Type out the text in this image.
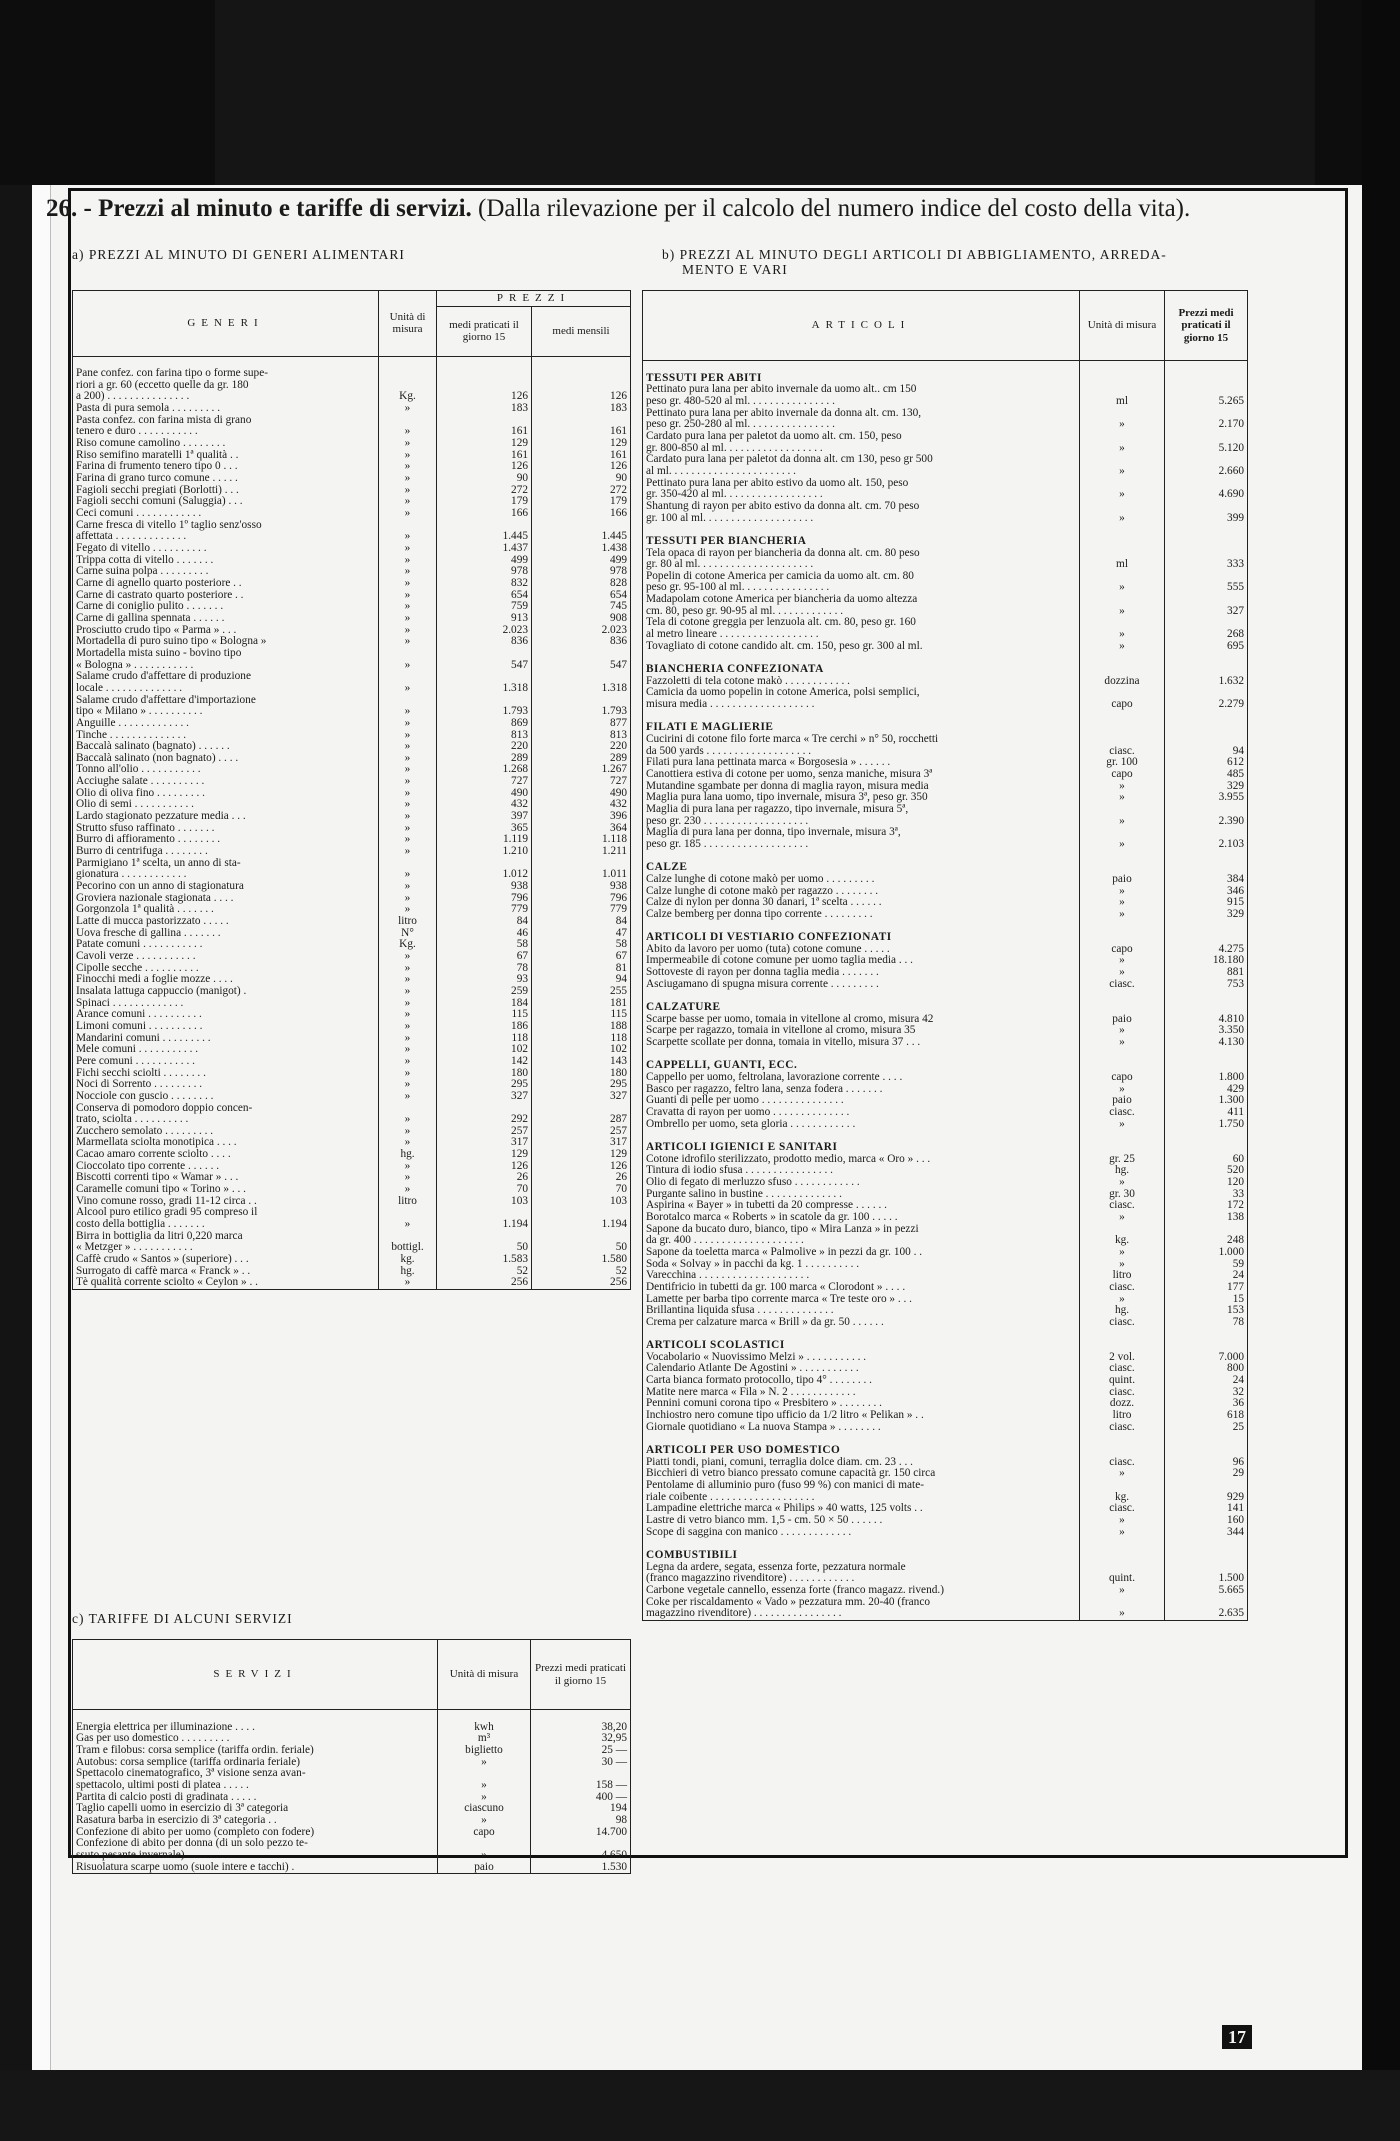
26. - Prezzi al minuto e tariffe di servizi. (Dalla rilevazione per il calcolo del numero indice del costo della vita).
a) PREZZI AL MINUTO DI GENERI ALIMENTARI
GENERI	Unità di misura	PREZZI	
		medi praticati il giorno 15	medi mensili

Pane confez. con farina tipo o forme supe-			
riori a gr. 60 (eccetto quelle da gr. 180			
a 200) . . . . . . . . . . . . . . .	Kg.	126	126
Pasta di pura semola . . . . . . . . .	»	183	183
Pasta confez. con farina mista di grano			
tenero e duro . . . . . . . . . . .	»	161	161
Riso comune camolino . . . . . . . .	»	129	129
Riso semifino maratelli 1ª qualità . .	»	161	161
Farina di frumento tenero tipo 0 . . .	»	126	126
Farina di grano turco comune . . . . .	»	90	90
Fagioli secchi pregiati (Borlotti) . . .	»	272	272
Fagioli secchi comuni (Saluggia) . . .	»	179	179
Ceci comuni . . . . . . . . . . . .	»	166	166
Carne fresca di vitello 1º taglio senz'osso			
affettata . . . . . . . . . . . . .	»	1.445	1.445
Fegato di vitello . . . . . . . . . .	»	1.437	1.438
Trippa cotta di vitello . . . . . . .	»	499	499
Carne suina polpa . . . . . . . . .	»	978	978
Carne di agnello quarto posteriore . .	»	832	828
Carne di castrato quarto posteriore . .	»	654	654
Carne di coniglio pulito . . . . . . .	»	759	745
Carne di gallina spennata . . . . . .	»	913	908
Prosciutto crudo tipo « Parma » . . .	»	2.023	2.023
Mortadella di puro suino tipo « Bologna »	»	836	836
Mortadella mista suino - bovino tipo			
« Bologna » . . . . . . . . . . .	»	547	547
Salame crudo d'affettare di produzione			
locale . . . . . . . . . . . . . .	»	1.318	1.318
Salame crudo d'affettare d'importazione			
tipo « Milano » . . . . . . . . . .	»	1.793	1.793
Anguille . . . . . . . . . . . . .	»	869	877
Tinche . . . . . . . . . . . . . .	»	813	813
Baccalà salinato (bagnato) . . . . . .	»	220	220
Baccalà salinato (non bagnato) . . . .	»	289	289
Tonno all'olio . . . . . . . . . . .	»	1.268	1.267
Acciughe salate . . . . . . . . . .	»	727	727
Olio di oliva fino . . . . . . . . .	»	490	490
Olio di semi . . . . . . . . . . .	»	432	432
Lardo stagionato pezzature media . . .	»	397	396
Strutto sfuso raffinato . . . . . . .	»	365	364
Burro di affioramento . . . . . . . .	»	1.119	1.118
Burro di centrifuga . . . . . . . .	»	1.210	1.211
Parmigiano 1ª scelta, un anno di sta-			
gionatura . . . . . . . . . . . .	»	1.012	1.011
Pecorino con un anno di stagionatura	»	938	938
Groviera nazionale stagionata . . . .	»	796	796
Gorgonzola 1ª qualità . . . . . . .	»	779	779
Latte di mucca pastorizzato . . . . .	litro	84	84
Uova fresche di gallina . . . . . . .	N°	46	47
Patate comuni . . . . . . . . . . .	Kg.	58	58
Cavoli verze . . . . . . . . . . .	»	67	67
Cipolle secche . . . . . . . . . .	»	78	81
Finocchi medi a foglie mozze . . . .	»	93	94
Insalata lattuga cappuccio (manigot) .	»	259	255
Spinaci . . . . . . . . . . . . .	»	184	181
Arance comuni . . . . . . . . . .	»	115	115
Limoni comuni . . . . . . . . . .	»	186	188
Mandarini comuni . . . . . . . . .	»	118	118
Mele comuni . . . . . . . . . . .	»	102	102
Pere comuni . . . . . . . . . . .	»	142	143
Fichi secchi sciolti . . . . . . . .	»	180	180
Noci di Sorrento . . . . . . . . .	»	295	295
Nocciole con guscio . . . . . . . .	»	327	327
Conserva di pomodoro doppio concen-			
trato, sciolta . . . . . . . . . .	»	292	287
Zucchero semolato . . . . . . . . .	»	257	257
Marmellata sciolta monotipica . . . .	»	317	317
Cacao amaro corrente sciolto . . . .	hg.	129	129
Cioccolato tipo corrente . . . . . .	»	126	126
Biscotti correnti tipo « Wamar » . . .	»	26	26
Caramelle comuni tipo « Torino » . . .	»	70	70
Vino comune rosso, gradi 11-12 circa . .	litro	103	103
Alcool puro etilico gradi 95 compreso il			
costo della bottiglia . . . . . . .	»	1.194	1.194
Birra in bottiglia da litri 0,220 marca			
« Metzger » . . . . . . . . . . .	bottigl.	50	50
Caffè crudo « Santos » (superiore) . . .	kg.	1.583	1.580
Surrogato di caffè marca « Franck » . .	hg.	52	52
Tè qualità corrente sciolto « Ceylon » . .	»	256	256
c) TARIFFE DI ALCUNI SERVIZI
SERVIZI	Unità di misura	Prezzi medi praticati il giorno 15

Energia elettrica per illuminazione . . . .	kwh	38,20
Gas per uso domestico . . . . . . . . .	m³	32,95
Tram e filobus: corsa semplice (tariffa ordin. feriale)	biglietto	25 —
Autobus: corsa semplice (tariffa ordinaria feriale)	»	30 —
Spettacolo cinematografico, 3ª visione senza avan-		
spettacolo, ultimi posti di platea . . . . .	»	158 —
Partita di calcio posti di gradinata . . . . .	»	400 —
Taglio capelli uomo in esercizio di 3ª categoria	ciascuno	194
Rasatura barba in esercizio di 3ª categoria . .	»	98
Confezione di abito per uomo (completo con fodere)	capo	14.700
Confezione di abito per donna (di un solo pezzo te-		
ssuto pesante invernale) . . . . . . . .	»	4.650
Risuolatura scarpe uomo (suole intere e tacchi) .	paio	1.530
b) PREZZI AL MINUTO DEGLI ARTICOLI DI ABBIGLIAMENTO, ARREDA-
MENTO E VARI
ARTICOLI	Unità di misura	Prezzi medi praticati il giorno 15

TESSUTI PER ABITI		
Pettinato pura lana per abito invernale da uomo alt.. cm 150		
peso gr. 480-520 al ml. . . . . . . . . . . . . . . .	ml	5.265
Pettinato pura lana per abito invernale da donna alt. cm. 130,		
peso gr. 250-280 al ml. . . . . . . . . . . . . . . .	»	2.170
Cardato pura lana per paletot da uomo alt. cm. 150, peso		
gr. 800-850 al ml. . . . . . . . . . . . . . . . . .	»	5.120
Cardato pura lana per paletot da donna alt. cm 130, peso gr 500		
al ml. . . . . . . . . . . . . . . . . . . . . . .	»	2.660
Pettinato pura lana per abito estivo da uomo alt. 150, peso		
gr. 350-420 al ml. . . . . . . . . . . . . . . . . .	»	4.690
Shantung di rayon per abito estivo da donna alt. cm. 70 peso		
gr. 100 al ml. . . . . . . . . . . . . . . . . . . .	»	399

TESSUTI PER BIANCHERIA		
Tela opaca di rayon per biancheria da donna alt. cm. 80 peso		
gr. 80 al ml. . . . . . . . . . . . . . . . . . . . .	ml	333
Popelin di cotone America per camicia da uomo alt. cm. 80		
peso gr. 95-100 al ml. . . . . . . . . . . . . . . .	»	555
Madapolam cotone America per biancheria da uomo altezza		
cm. 80, peso gr. 90-95 al ml. . . . . . . . . . . . .	»	327
Tela di cotone greggia per lenzuola alt. cm. 80, peso gr. 160		
al metro lineare . . . . . . . . . . . . . . . . . .	»	268
Tovagliato di cotone candido alt. cm. 150, peso gr. 300 al ml.	»	695

BIANCHERIA CONFEZIONATA		
Fazzoletti di tela cotone makò . . . . . . . . . . . .	dozzina	1.632
Camicia da uomo popelin in cotone America, polsi semplici,		
misura media . . . . . . . . . . . . . . . . . . .	capo	2.279

FILATI E MAGLIERIE		
Cucirini di cotone filo forte marca « Tre cerchi » n° 50, rocchetti		
da 500 yards . . . . . . . . . . . . . . . . . . .	ciasc.	94
Filati pura lana pettinata marca « Borgosesia » . . . . . .	gr. 100	612
Canottiera estiva di cotone per uomo, senza maniche, misura 3ª	capo	485
Mutandine sgambate per donna di maglia rayon, misura media	»	329
Maglia pura lana uomo, tipo invernale, misura 3ª, peso gr. 350	»	3.955
Maglia di pura lana per ragazzo, tipo invernale, misura 5ª,		
peso gr. 230 . . . . . . . . . . . . . . . . . . .	»	2.390
Maglia di pura lana per donna, tipo invernale, misura 3ª,		
peso gr. 185 . . . . . . . . . . . . . . . . . . .	»	2.103

CALZE		
Calze lunghe di cotone makò per uomo . . . . . . . . .	paio	384
Calze lunghe di cotone makò per ragazzo . . . . . . . .	»	346
Calze di nylon per donna 30 danari, 1ª scelta . . . . . .	»	915
Calze bemberg per donna tipo corrente . . . . . . . . .	»	329

ARTICOLI DI VESTIARIO CONFEZIONATI		
Abito da lavoro per uomo (tuta) cotone comune . . . . .	capo	4.275
Impermeabile di cotone comune per uomo taglia media . . .	»	18.180
Sottoveste di rayon per donna taglia media . . . . . . .	»	881
Asciugamano di spugna misura corrente . . . . . . . . .	ciasc.	753

CALZATURE		
Scarpe basse per uomo, tomaia in vitellone al cromo, misura 42	paio	4.810
Scarpe per ragazzo, tomaia in vitellone al cromo, misura 35	»	3.350
Scarpette scollate per donna, tomaia in vitello, misura 37 . . .	»	4.130

CAPPELLI, GUANTI, ECC.		
Cappello per uomo, feltrolana, lavorazione corrente . . . .	capo	1.800
Basco per ragazzo, feltro lana, senza fodera . . . . . . .	»	429
Guanti di pelle per uomo . . . . . . . . . . . . . . .	paio	1.300
Cravatta di rayon per uomo . . . . . . . . . . . . . .	ciasc.	411
Ombrello per uomo, seta gloria . . . . . . . . . . . .	»	1.750

ARTICOLI IGIENICI E SANITARI		
Cotone idrofilo sterilizzato, prodotto medio, marca « Oro » . . .	gr. 25	60
Tintura di iodio sfusa . . . . . . . . . . . . . . . .	hg.	520
Olio di fegato di merluzzo sfuso . . . . . . . . . . . .	»	120
Purgante salino in bustine . . . . . . . . . . . . . .	gr. 30	33
Aspirina « Bayer » in tubetti da 20 compresse . . . . . .	ciasc.	172
Borotalco marca « Roberts » in scatole da gr. 100 . . . . .	»	138
Sapone da bucato duro, bianco, tipo « Mira Lanza » in pezzi		
da gr. 400 . . . . . . . . . . . . . . . . . . . .	kg.	248
Sapone da toeletta marca « Palmolive » in pezzi da gr. 100 . .	»	1.000
Soda « Solvay » in pacchi da kg. 1 . . . . . . . . . .	»	59
Varecchina . . . . . . . . . . . . . . . . . . . .	litro	24
Dentifricio in tubetti da gr. 100 marca « Clorodont » . . . .	ciasc.	177
Lamette per barba tipo corrente marca « Tre teste oro » . . .	»	15
Brillantina liquida sfusa . . . . . . . . . . . . . .	hg.	153
Crema per calzature marca « Brill » da gr. 50 . . . . . .	ciasc.	78

ARTICOLI SCOLASTICI		
Vocabolario « Nuovissimo Melzi » . . . . . . . . . . .	2 vol.	7.000
Calendario Atlante De Agostini » . . . . . . . . . . .	ciasc.	800
Carta bianca formato protocollo, tipo 4° . . . . . . . .	quint.	24
Matite nere marca « Fila » N. 2 . . . . . . . . . . . .	ciasc.	32
Pennini comuni corona tipo « Presbitero » . . . . . . . .	dozz.	36
Inchiostro nero comune tipo ufficio da 1/2 litro « Pelikan » . .	litro	618
Giornale quotidiano « La nuova Stampa » . . . . . . . .	ciasc.	25

ARTICOLI PER USO DOMESTICO		
Piatti tondi, piani, comuni, terraglia dolce diam. cm. 23 . . .	ciasc.	96
Bicchieri di vetro bianco pressato comune capacità gr. 150 circa	»	29
Pentolame di alluminio puro (fuso 99 %) con manici di mate-		
riale coibente . . . . . . . . . . . . . . . . . . .	kg.	929
Lampadine elettriche marca « Philips » 40 watts, 125 volts . .	ciasc.	141
Lastre di vetro bianco mm. 1,5 - cm. 50 × 50 . . . . . .	»	160
Scope di saggina con manico . . . . . . . . . . . . .	»	344

COMBUSTIBILI		
Legna da ardere, segata, essenza forte, pezzatura normale		
(franco magazzino rivenditore) . . . . . . . . . . . .	quint.	1.500
Carbone vegetale cannello, essenza forte (franco magazz. rivend.)	»	5.665
Coke per riscaldamento « Vado » pezzatura mm. 20-40 (franco		
magazzino rivenditore) . . . . . . . . . . . . . . . .	»	2.635
17
